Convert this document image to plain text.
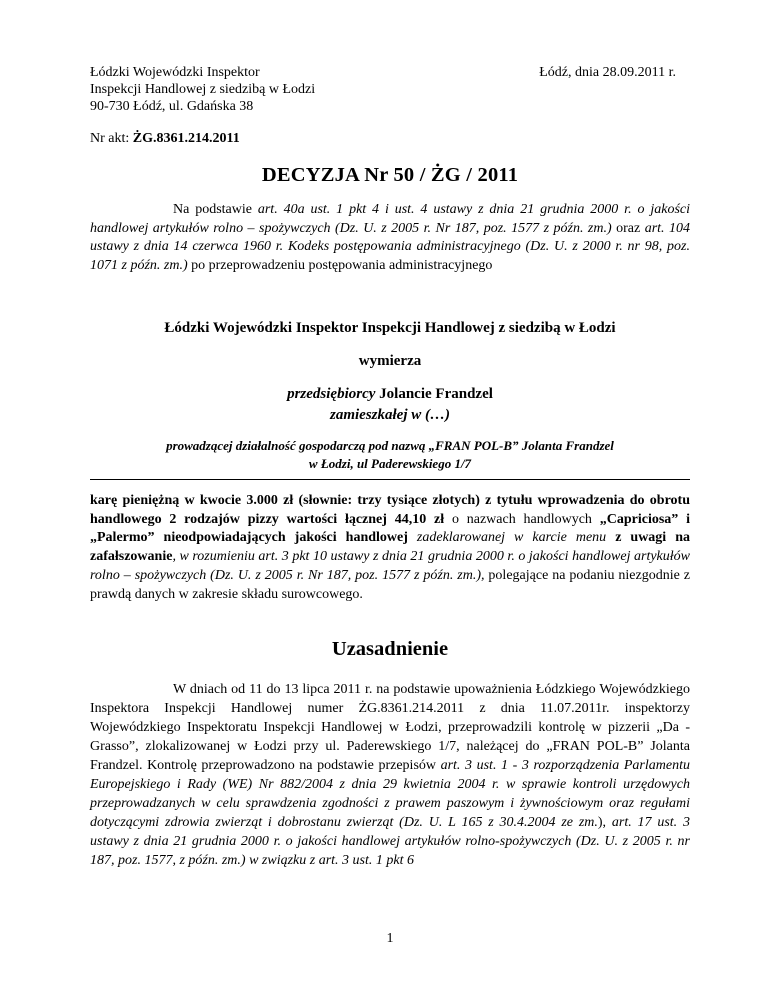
Łódzki Wojewódzki Inspektor
Inspekcji Handlowej z siedzibą w Łodzi
90-730 Łódź, ul. Gdańska 38
Łódź, dnia 28.09.2011 r.
Nr akt: ŻG.8361.214.2011
DECYZJA Nr 50 / ŻG / 2011

Na podstawie art. 40a ust. 1 pkt 4 i ust. 4 ustawy z dnia 21 grudnia 2000 r. o jakości handlowej artykułów rolno – spożywczych (Dz. U. z 2005 r. Nr 187, poz. 1577 z późn. zm.) oraz art. 104 ustawy z dnia 14 czerwca 1960 r. Kodeks postępowania administracyjnego (Dz. U. z 2000 r. nr 98, poz. 1071 z późn. zm.) po przeprowadzeniu postępowania administracyjnego

Łódzki Wojewódzki Inspektor Inspekcji Handlowej z siedzibą w Łodzi
wymierza
przedsiębiorcy Jolancie Frandzel
zamieszkałej w (…)
prowadzącej działalność gospodarczą pod nazwą „FRAN POL-B” Jolanta Frandzel
w Łodzi, ul Paderewskiego 1/7

karę pieniężną w kwocie 3.000 zł (słownie: trzy tysiące złotych) z tytułu wprowadzenia do obrotu handlowego 2 rodzajów pizzy wartości łącznej 44,10 zł o nazwach handlowych „Capriciosa” i „Palermo” nieodpowiadających jakości handlowej zadeklarowanej w karcie menu z uwagi na zafałszowanie, w rozumieniu art. 3 pkt 10 ustawy z dnia 21 grudnia 2000 r. o jakości handlowej artykułów rolno – spożywczych (Dz. U. z 2005 r. Nr 187, poz. 1577 z późn. zm.), polegające na podaniu niezgodnie z prawdą danych w zakresie składu surowcowego.

Uzasadnienie

W dniach od 11 do 13 lipca 2011 r. na podstawie upoważnienia Łódzkiego Wojewódzkiego Inspektora Inspekcji Handlowej numer ŻG.8361.214.2011 z dnia 11.07.2011r. inspektorzy Wojewódzkiego Inspektoratu Inspekcji Handlowej w Łodzi, przeprowadzili kontrolę w pizzerii „Da - Grasso”, zlokalizowanej w Łodzi przy ul. Paderewskiego 1/7, należącej do „FRAN POL-B” Jolanta Frandzel. Kontrolę przeprowadzono na podstawie przepisów art. 3 ust. 1 - 3 rozporządzenia Parlamentu Europejskiego i Rady (WE) Nr 882/2004 z dnia 29 kwietnia 2004 r. w sprawie kontroli urzędowych przeprowadzanych w celu sprawdzenia zgodności z prawem paszowym i żywnościowym oraz regułami dotyczącymi zdrowia zwierząt i dobrostanu zwierząt (Dz. U. L 165 z 30.4.2004 ze zm.), art. 17 ust. 3 ustawy z dnia 21 grudnia 2000 r. o jakości handlowej artykułów rolno-spożywczych (Dz. U. z 2005 r. nr 187, poz. 1577, z późn. zm.) w związku z art. 3 ust. 1 pkt 6

1
